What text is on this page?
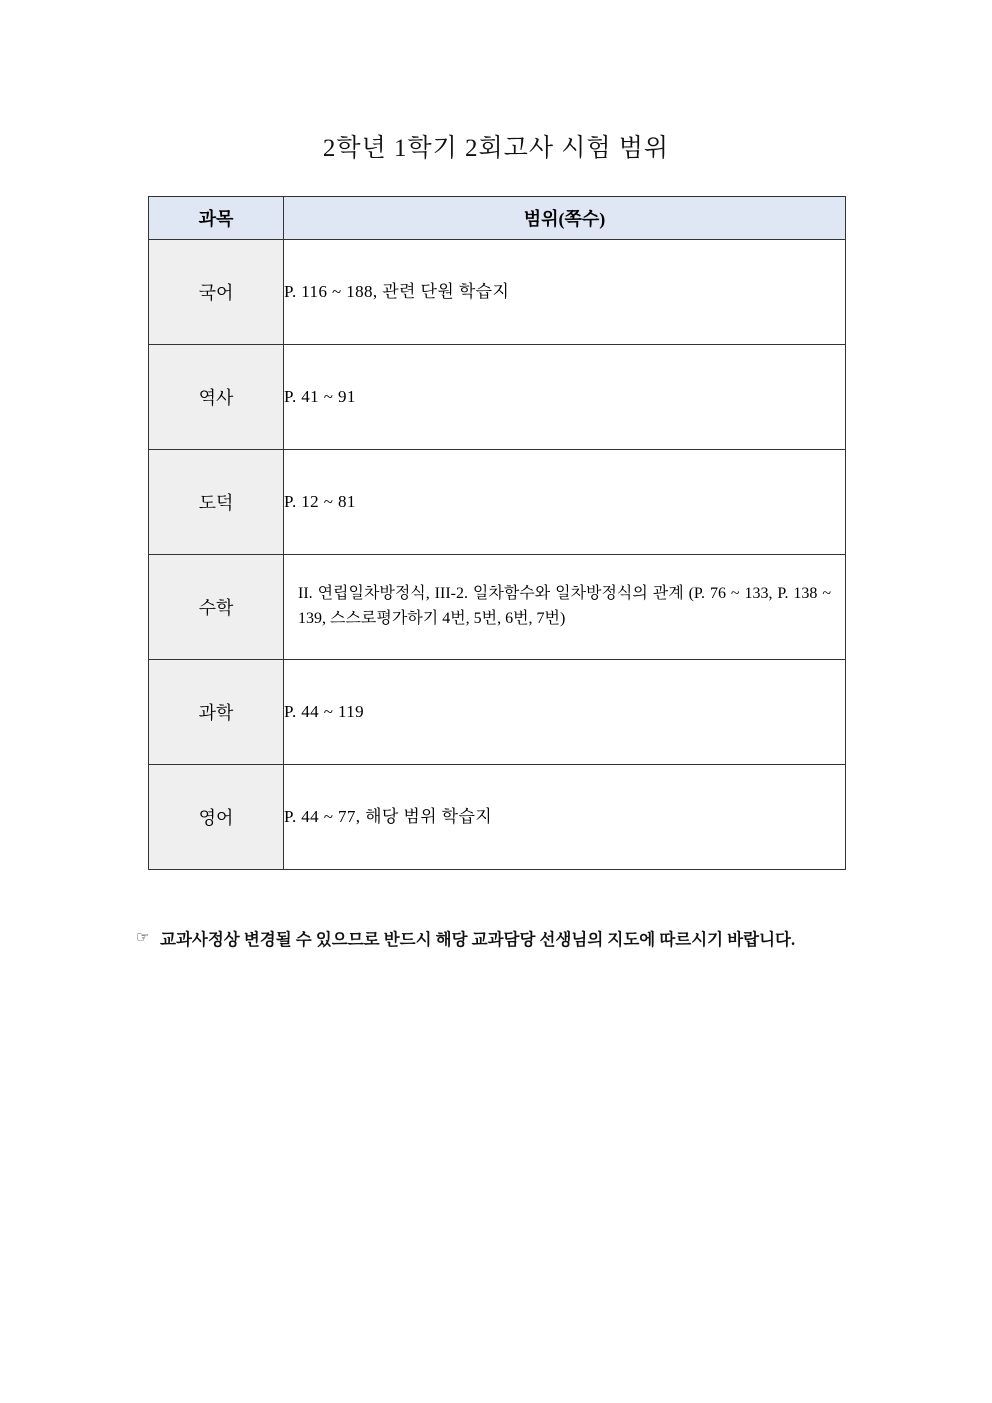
2학년 1학기 2회고사 시험 범위
과목	범위(쪽수)
국어	P. 116 ~ 188, 관련 단원 학습지
역사	P. 41 ~ 91
도덕	P. 12 ~ 81
수학	II. 연립일차방정식, III-2. 일차함수와 일차방정식의 관계 (P. 76 ~ 133, P. 138 ~ 139, 스스로평가하기 4번, 5번, 6번, 7번)
과학	P. 44 ~ 119
영어	P. 44 ~ 77, 해당 범위 학습지
☞ 교과사정상 변경될 수 있으므로 반드시 해당 교과담당 선생님의 지도에 따르시기 바랍니다.
